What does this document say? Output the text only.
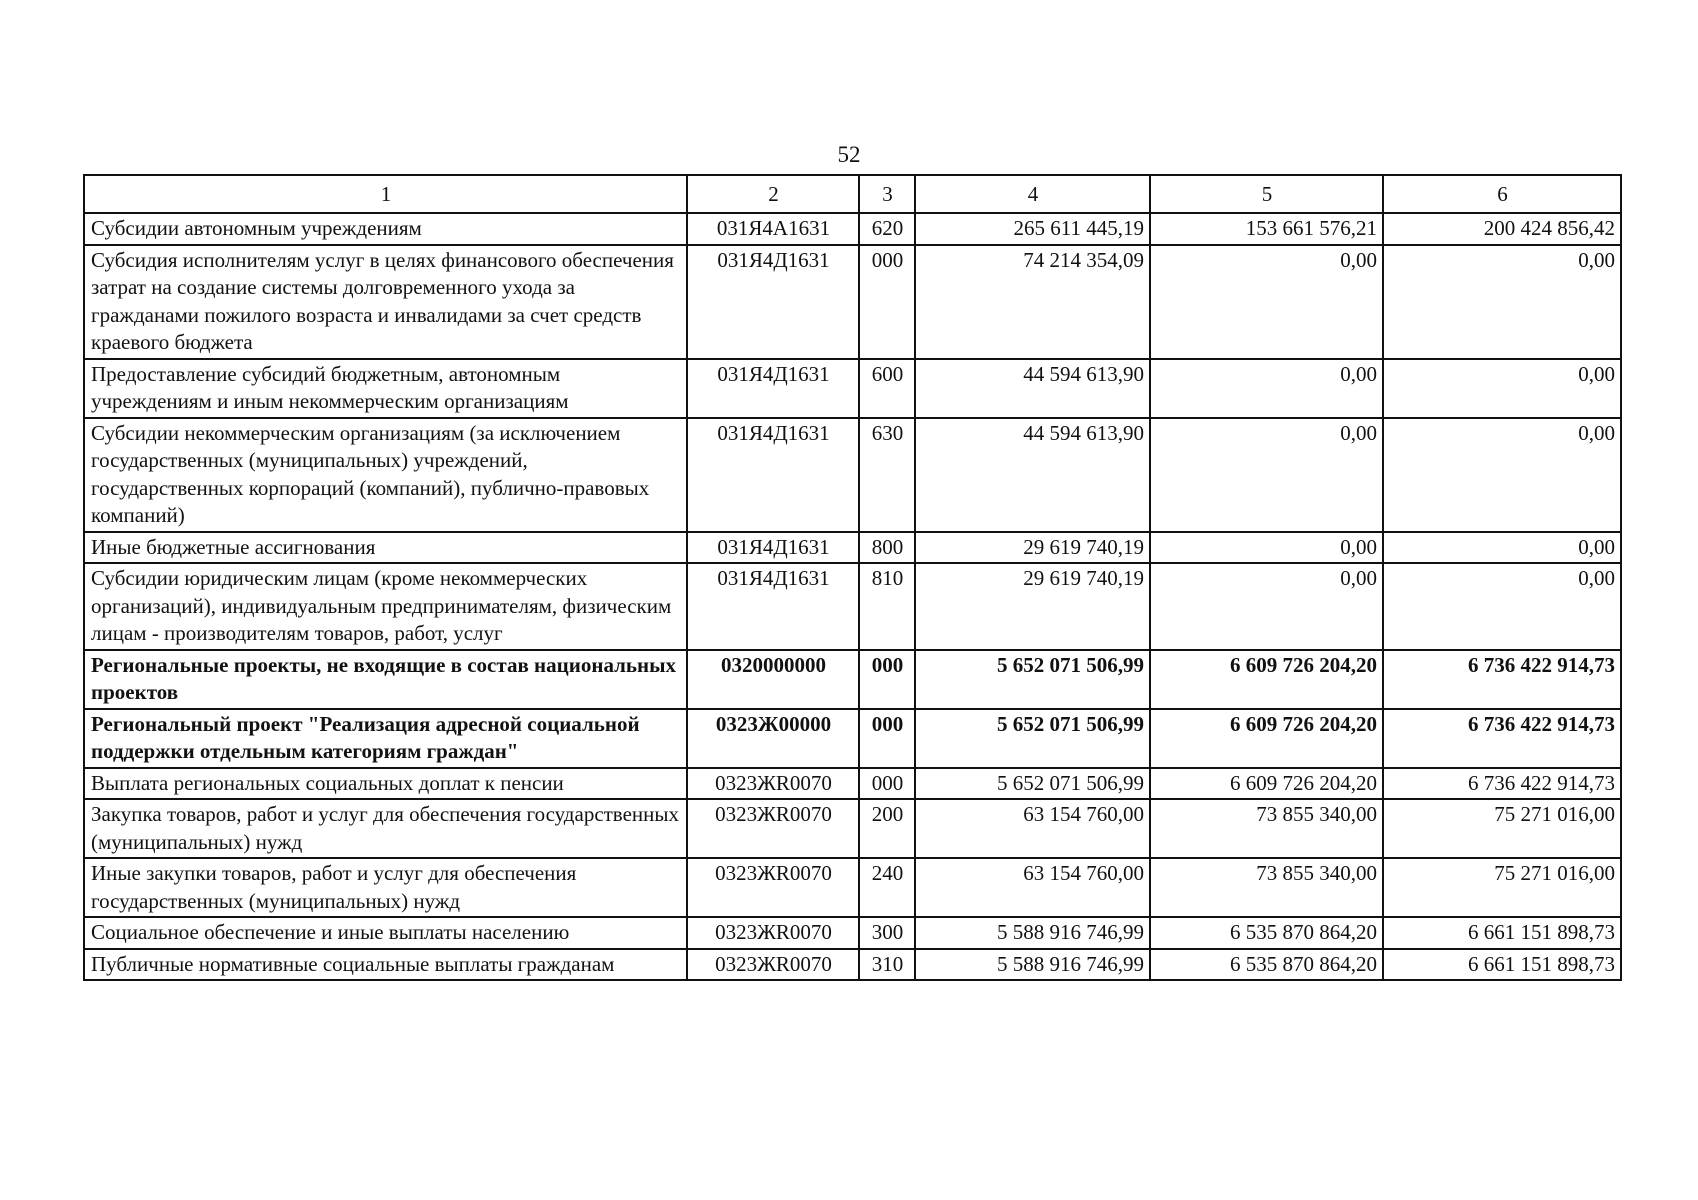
52
1	2	3	4	5	6
Субсидии автономным учреждениям	031Я4А1631	620	265 611 445,19	153 661 576,21	200 424 856,42
Субсидия исполнителям услуг в целях финансового обеспечения затрат на создание системы долговременного ухода за гражданами пожилого возраста и инвалидами за счет средств краевого бюджета	031Я4Д1631	000	74 214 354,09	0,00	0,00
Предоставление субсидий бюджетным, автономным учреждениям и иным некоммерческим организациям	031Я4Д1631	600	44 594 613,90	0,00	0,00
Субсидии некоммерческим организациям (за исключением государственных (муниципальных) учреждений, государственных корпораций (компаний), публично-правовых компаний)	031Я4Д1631	630	44 594 613,90	0,00	0,00
Иные бюджетные ассигнования	031Я4Д1631	800	29 619 740,19	0,00	0,00
Субсидии юридическим лицам (кроме некоммерческих организаций), индивидуальным предпринимателям, физическим лицам - производителям товаров, работ, услуг	031Я4Д1631	810	29 619 740,19	0,00	0,00
Региональные проекты, не входящие в состав национальных проектов	0320000000	000	5 652 071 506,99	6 609 726 204,20	6 736 422 914,73
Региональный проект "Реализация адресной социальной поддержки отдельным категориям граждан"	0323Ж00000	000	5 652 071 506,99	6 609 726 204,20	6 736 422 914,73
Выплата региональных социальных доплат к пенсии	0323ЖR0070	000	5 652 071 506,99	6 609 726 204,20	6 736 422 914,73
Закупка товаров, работ и услуг для обеспечения государственных (муниципальных) нужд	0323ЖR0070	200	63 154 760,00	73 855 340,00	75 271 016,00
Иные закупки товаров, работ и услуг для обеспечения государственных (муниципальных) нужд	0323ЖR0070	240	63 154 760,00	73 855 340,00	75 271 016,00
Социальное обеспечение и иные выплаты населению	0323ЖR0070	300	5 588 916 746,99	6 535 870 864,20	6 661 151 898,73
Публичные нормативные социальные выплаты гражданам	0323ЖR0070	310	5 588 916 746,99	6 535 870 864,20	6 661 151 898,73
